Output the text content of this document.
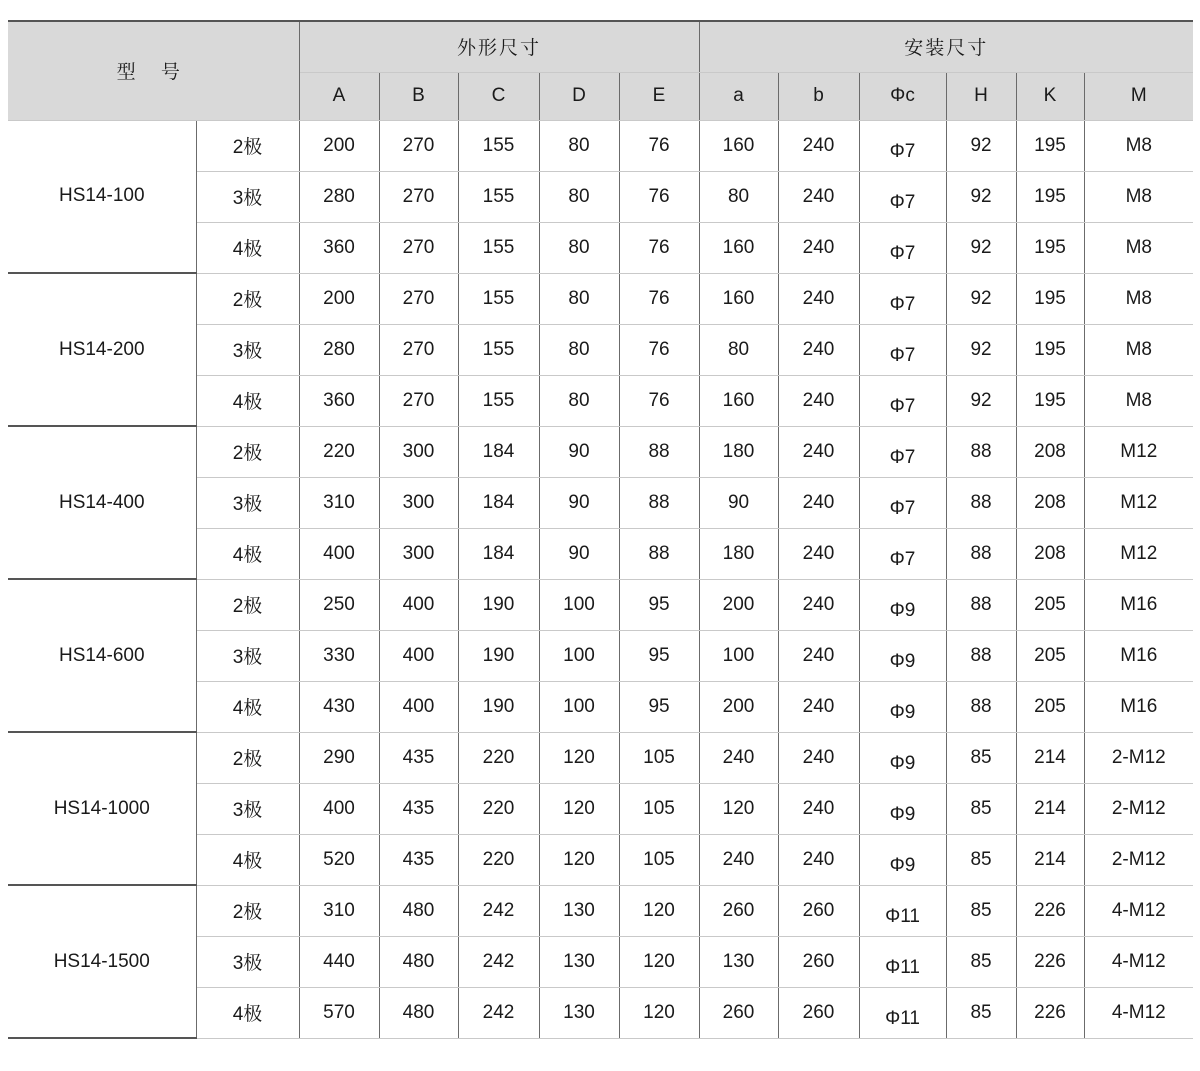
型 号		外形尺寸					安装尺寸					
		A	B	C	D	E	a	b	Φc	H	K	M
HS14-100	2极	200	270	155	80	76	160	240	Φ7	92	195	M8
	3极	280	270	155	80	76	80	240	Φ7	92	195	M8
	4极	360	270	155	80	76	160	240	Φ7	92	195	M8
HS14-200	2极	200	270	155	80	76	160	240	Φ7	92	195	M8
	3极	280	270	155	80	76	80	240	Φ7	92	195	M8
	4极	360	270	155	80	76	160	240	Φ7	92	195	M8
HS14-400	2极	220	300	184	90	88	180	240	Φ7	88	208	M12
	3极	310	300	184	90	88	90	240	Φ7	88	208	M12
	4极	400	300	184	90	88	180	240	Φ7	88	208	M12
HS14-600	2极	250	400	190	100	95	200	240	Φ9	88	205	M16
	3极	330	400	190	100	95	100	240	Φ9	88	205	M16
	4极	430	400	190	100	95	200	240	Φ9	88	205	M16
HS14-1000	2极	290	435	220	120	105	240	240	Φ9	85	214	2-M12
	3极	400	435	220	120	105	120	240	Φ9	85	214	2-M12
	4极	520	435	220	120	105	240	240	Φ9	85	214	2-M12
HS14-1500	2极	310	480	242	130	120	260	260	Φ11	85	226	4-M12
	3极	440	480	242	130	120	130	260	Φ11	85	226	4-M12
	4极	570	480	242	130	120	260	260	Φ11	85	226	4-M12
